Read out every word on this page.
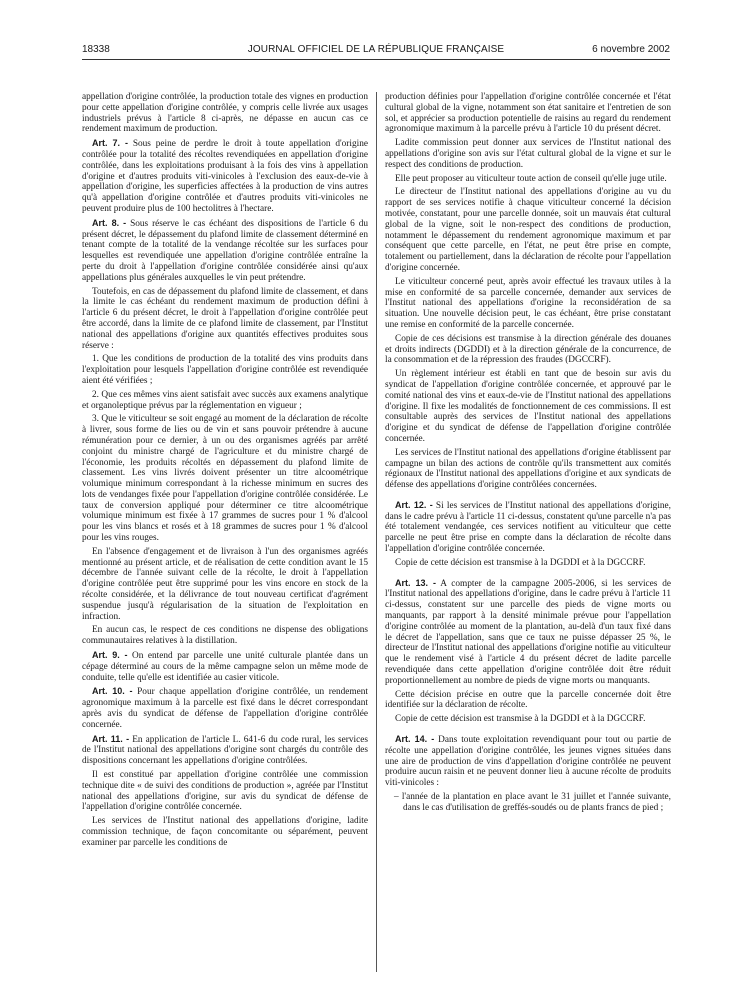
18338	JOURNAL OFFICIEL DE LA RÉPUBLIQUE FRANÇAISE	6 novembre 2002

appellation d'origine contrôlée, la production totale des vignes en production pour cette appellation d'origine contrôlée, y compris celle livrée aux usages industriels prévus à l'article 8 ci-après, ne dépasse en aucun cas ce rendement maximum de production.

Art. 7. - Sous peine de perdre le droit à toute appellation d'origine contrôlée pour la totalité des récoltes revendiquées en appellation d'origine contrôlée, dans les exploitations produisant à la fois des vins à appellation d'origine et d'autres produits viti-vinicoles à l'exclusion des eaux-de-vie à appellation d'origine, les superficies affectées à la production de vins autres qu'à appellation d'origine contrôlée et d'autres produits viti-vinicoles ne peuvent produire plus de 100 hectolitres à l'hectare.

Art. 8. - Sous réserve le cas échéant des dispositions de l'article 6 du présent décret, le dépassement du plafond limite de classement déterminé en tenant compte de la totalité de la vendange récoltée sur les surfaces pour lesquelles est revendiquée une appellation d'origine contrôlée entraîne la perte du droit à l'appellation d'origine contrôlée considérée ainsi qu'aux appellations plus générales auxquelles le vin peut prétendre.

Toutefois, en cas de dépassement du plafond limite de classement, et dans la limite le cas échéant du rendement maximum de production défini à l'article 6 du présent décret, le droit à l'appellation d'origine contrôlée peut être accordé, dans la limite de ce plafond limite de classement, par l'Institut national des appellations d'origine aux quantités effectives produites sous réserve :

1. Que les conditions de production de la totalité des vins produits dans l'exploitation pour lesquels l'appellation d'origine contrôlée est revendiquée aient été vérifiées ;

2. Que ces mêmes vins aient satisfait avec succès aux examens analytique et organoleptique prévus par la réglementation en vigueur ;

3. Que le viticulteur se soit engagé au moment de la déclaration de récolte à livrer, sous forme de lies ou de vin et sans pouvoir prétendre à aucune rémunération pour ce dernier, à un ou des organismes agréés par arrêté conjoint du ministre chargé de l'agriculture et du ministre chargé de l'économie, les produits récoltés en dépassement du plafond limite de classement. Les vins livrés doivent présenter un titre alcoométrique volumique minimum correspondant à la richesse minimum en sucres des lots de vendanges fixée pour l'appellation d'origine contrôlée considérée. Le taux de conversion appliqué pour déterminer ce titre alcoométrique volumique minimum est fixée à 17 grammes de sucres pour 1 % d'alcool pour les vins blancs et rosés et à 18 grammes de sucres pour 1 % d'alcool pour les vins rouges.

En l'absence d'engagement et de livraison à l'un des organismes agréés mentionné au présent article, et de réalisation de cette condition avant le 15 décembre de l'année suivant celle de la récolte, le droit à l'appellation d'origine contrôlée peut être supprimé pour les vins encore en stock de la récolte considérée, et la délivrance de tout nouveau certificat d'agrément suspendue jusqu'à régularisation de la situation de l'exploitation en infraction.

En aucun cas, le respect de ces conditions ne dispense des obligations communautaires relatives à la distillation.

Art. 9. - On entend par parcelle une unité culturale plantée dans un cépage déterminé au cours de la même campagne selon un même mode de conduite, telle qu'elle est identifiée au casier viticole.

Art. 10. - Pour chaque appellation d'origine contrôlée, un rendement agronomique maximum à la parcelle est fixé dans le décret correspondant après avis du syndicat de défense de l'appellation d'origine contrôlée concernée.

Art. 11. - En application de l'article L. 641-6 du code rural, les services de l'Institut national des appellations d'origine sont chargés du contrôle des dispositions concernant les appellations d'origine contrôlées.

Il est constitué par appellation d'origine contrôlée une commission technique dite « de suivi des conditions de production », agréée par l'Institut national des appellations d'origine, sur avis du syndicat de défense de l'appellation d'origine contrôlée concernée.

Les services de l'Institut national des appellations d'origine, ladite commission technique, de façon concomitante ou séparément, peuvent examiner par parcelle les conditions de

production définies pour l'appellation d'origine contrôlée concernée et l'état cultural global de la vigne, notamment son état sanitaire et l'entretien de son sol, et apprécier sa production potentielle de raisins au regard du rendement agronomique maximum à la parcelle prévu à l'article 10 du présent décret.

Ladite commission peut donner aux services de l'Institut national des appellations d'origine son avis sur l'état cultural global de la vigne et sur le respect des conditions de production.

Elle peut proposer au viticulteur toute action de conseil qu'elle juge utile.

Le directeur de l'Institut national des appellations d'origine au vu du rapport de ses services notifie à chaque viticulteur concerné la décision motivée, constatant, pour une parcelle donnée, soit un mauvais état cultural global de la vigne, soit le non-respect des conditions de production, notamment le dépassement du rendement agronomique maximum et par conséquent que cette parcelle, en l'état, ne peut être prise en compte, totalement ou partiellement, dans la déclaration de récolte pour l'appellation d'origine concernée.

Le viticulteur concerné peut, après avoir effectué les travaux utiles à la mise en conformité de sa parcelle concernée, demander aux services de l'Institut national des appellations d'origine la reconsidération de sa situation. Une nouvelle décision peut, le cas échéant, être prise constatant une remise en conformité de la parcelle concernée.

Copie de ces décisions est transmise à la direction générale des douanes et droits indirects (DGDDI) et à la direction générale de la concurrence, de la consommation et de la répression des fraudes (DGCCRF).

Un règlement intérieur est établi en tant que de besoin sur avis du syndicat de l'appellation d'origine contrôlée concernée, et approuvé par le comité national des vins et eaux-de-vie de l'Institut national des appellations d'origine. Il fixe les modalités de fonctionnement de ces commissions. Il est consultable auprès des services de l'Institut national des appellations d'origine et du syndicat de défense de l'appellation d'origine contrôlée concernée.

Les services de l'Institut national des appellations d'origine établissent par campagne un bilan des actions de contrôle qu'ils transmettent aux comités régionaux de l'Institut national des appellations d'origine et aux syndicats de défense des appellations d'origine contrôlées concernées.

Art. 12. - Si les services de l'Institut national des appellations d'origine, dans le cadre prévu à l'article 11 ci-dessus, constatent qu'une parcelle n'a pas été totalement vendangée, ces services notifient au viticulteur que cette parcelle ne peut être prise en compte dans la déclaration de récolte dans l'appellation d'origine contrôlée concernée.

Copie de cette décision est transmise à la DGDDI et à la DGCCRF.

Art. 13. - A compter de la campagne 2005-2006, si les services de l'Institut national des appellations d'origine, dans le cadre prévu à l'article 11 ci-dessus, constatent sur une parcelle des pieds de vigne morts ou manquants, par rapport à la densité minimale prévue pour l'appellation d'origine contrôlée au moment de la plantation, au-delà d'un taux fixé dans le décret de l'appellation, sans que ce taux ne puisse dépasser 25 %, le directeur de l'Institut national des appellations d'origine notifie au viticulteur que le rendement visé à l'article 4 du présent décret de ladite parcelle revendiquée dans cette appellation d'origine contrôlée doit être réduit proportionnellement au nombre de pieds de vigne morts ou manquants.

Cette décision précise en outre que la parcelle concernée doit être identifiée sur la déclaration de récolte.

Copie de cette décision est transmise à la DGDDI et à la DGCCRF.

Art. 14. - Dans toute exploitation revendiquant pour tout ou partie de récolte une appellation d'origine contrôlée, les jeunes vignes situées dans une aire de production de vins d'appellation d'origine contrôlée ne peuvent produire aucun raisin et ne peuvent donner lieu à aucune récolte de produits viti-vinicoles :

– l'année de la plantation en place avant le 31 juillet et l'année suivante, dans le cas d'utilisation de greffés-soudés ou de plants francs de pied ;
